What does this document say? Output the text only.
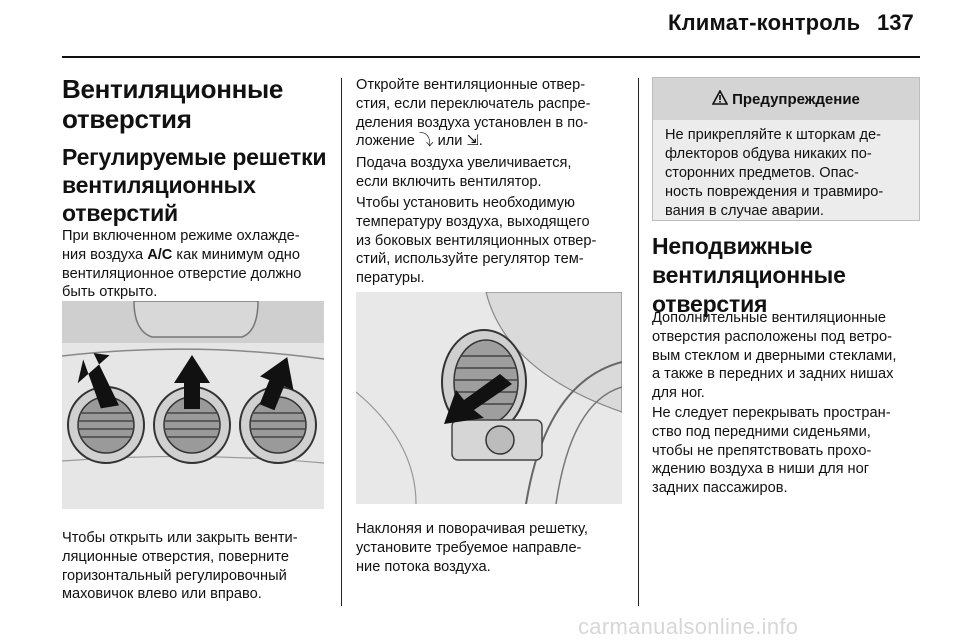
Климат-контроль 137
Вентиляционные
отверстия
Регулируемые решетки
вентиляционных
отверстий

При включенном режиме охлажде-
ния воздуха A/C как минимум одно
вентиляционное отверстие должно
быть открыто.

Чтобы открыть или закрыть венти-
ляционные отверстия, поверните
горизонтальный регулировочный
маховичок влево или вправо.

Откройте вентиляционные отвер-
стия, если переключатель распре-
деления воздуха установлен в по-
ложение ⤵ или ⇲.

Подача воздуха увеличивается,
если включить вентилятор.

Чтобы установить необходимую
температуру воздуха, выходящего
из боковых вентиляционных отвер-
стий, используйте регулятор тем-
пературы.

Наклоняя и поворачивая решетку,
установите требуемое направле-
ние потока воздуха.

Предупреждение

Не прикрепляйте к шторкам де-
флекторов обдува никаких по-
сторонних предметов. Опас-
ность повреждения и травмиро-
вания в случае аварии.

Неподвижные
вентиляционные
отверстия

Дополнительные вентиляционные
отверстия расположены под ветро-
вым стеклом и дверными стеклами,
а также в передних и задних нишах
для ног.

Не следует перекрывать простран-
ство под передними сиденьями,
чтобы не препятствовать прохо-
ждению воздуха в ниши для ног
задних пассажиров.

carmanualsonline.info
